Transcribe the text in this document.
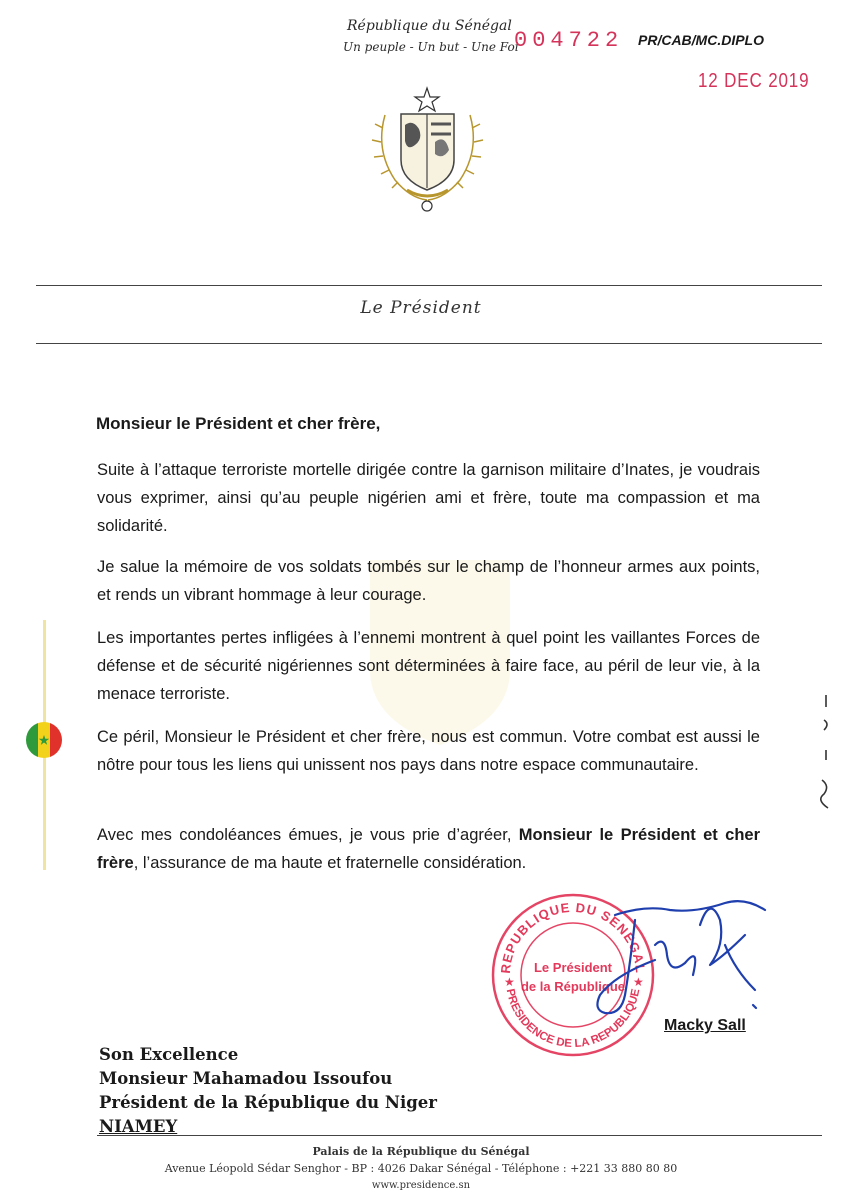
République du Sénégal
Un peuple - Un but - Une Foi
004722 PR/CAB/MC.DIPLO
12 DEC 2019
Le Président
Monsieur le Président et cher frère,
Suite à l’attaque terroriste mortelle dirigée contre la garnison militaire d’Inates, je voudrais vous exprimer, ainsi qu’au peuple nigérien ami et frère, toute ma compassion et ma solidarité.
Je salue la mémoire de vos soldats tombés sur le champ de l’honneur armes aux points, et rends un vibrant hommage à leur courage.
Les importantes pertes infligées à l’ennemi montrent à quel point les vaillantes Forces de défense et de sécurité nigériennes sont déterminées à faire face, au péril de leur vie, à la menace terroriste.
Ce péril, Monsieur le Président et cher frère, nous est commun. Votre combat est aussi le nôtre pour tous les liens qui unissent nos pays dans notre espace communautaire.
Avec mes condoléances émues, je vous prie d’agréer, Monsieur le Président et cher frère, l’assurance de ma haute et fraternelle considération.
REPUBLIQUE DU SENEGAL
PRESIDENCE DE LA REPUBLIQUE
Le Président
de la République
★	★
Macky Sall
Son Excellence
Monsieur Mahamadou Issoufou
Président de la République du Niger
NIAMEY
Palais de la République du Sénégal
Avenue Léopold Sédar Senghor - BP : 4026 Dakar Sénégal - Téléphone : +221 33 880 80 80
www.presidence.sn
